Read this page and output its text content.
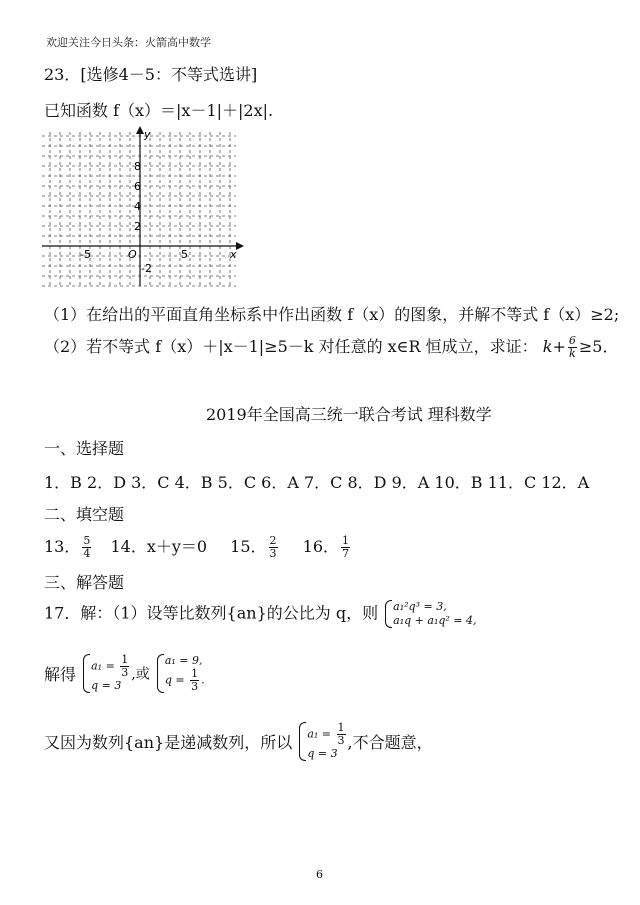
欢迎关注今日头条：火箭高中数学
23．[选修4－5：不等式选讲]
已知函数 f（x）＝|x－1|＋|2x|.
x
y
O
-5	5
8
6
4
2
-2
（1）在给出的平面直角坐标系中作出函数 f（x）的图象，并解不等式 f（x）≥2;
（2）若不等式 f（x）＋|x－1|≥5－k 对任意的 x∈R 恒成立，求证： $k+ \frac{6}{k} \ge 5$．
2019年全国高三统一联合考试 理科数学
一、选择题
1．B 2．D 3．C 4．B 5．C 6．A 7．C 8．D 9．A 10．B 11．C 12．A
二、填空题
13． $\frac{5}{4} 14$．x＋y＝0 15． $\frac{2}{3} 16$． $\frac{1}{7}$
三、解答题
17．解：（1）设等比数列{an}的公比为 q，则 a₁²q³ = 3,
a₁q + a₁q² = 4,
解得 $a_1 = \frac{1}{3}$
q = 3
,或
a₁ = 9,
$q = \frac{1}{3}$ .
又因为数列{an}是递减数列，所以 $a_1 = \frac{1}{3}$
q = 3
,不合题意，
6
